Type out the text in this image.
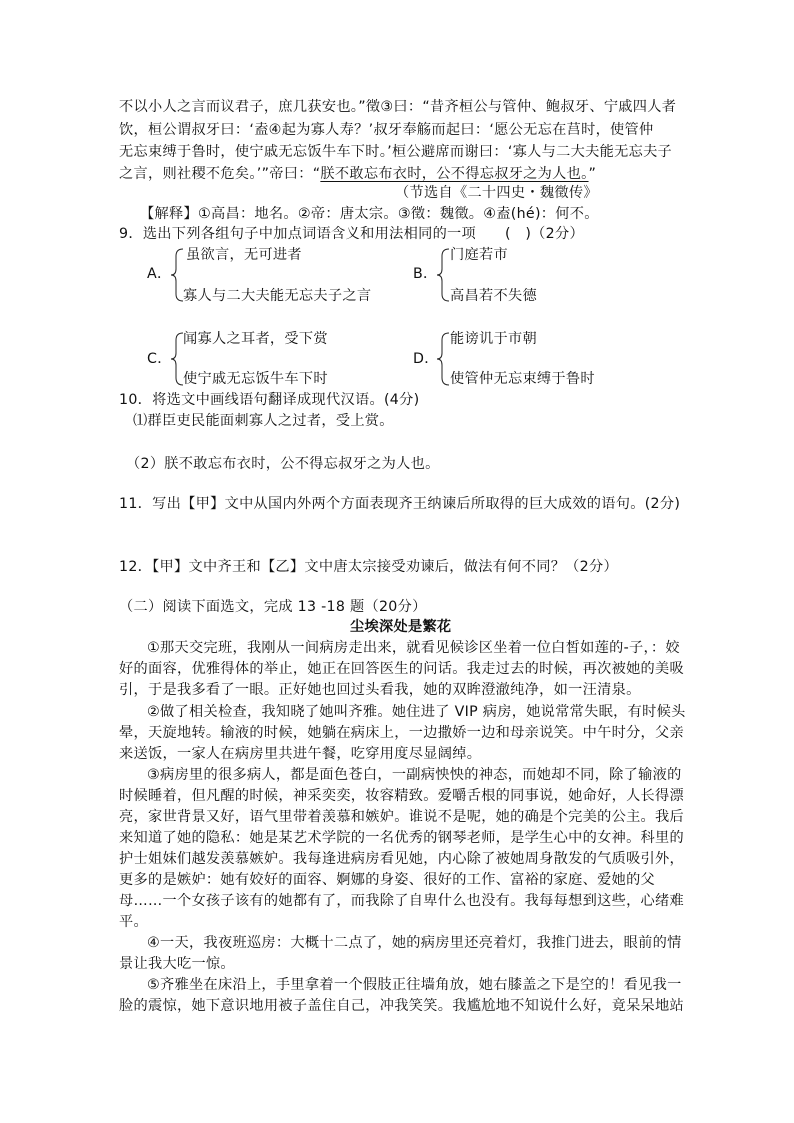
不以小人之言而议君子，庶几获安也。”徵③曰：“昔齐桓公与管仲、鲍叔牙、宁戚四人者
饮，桓公谓叔牙曰：‘盍④起为寡人寿？’叔牙奉觞而起曰：‘愿公无忘在莒时，使管仲
无忘束缚于鲁时，使宁戚无忘饭牛车下时。’桓公避席而谢曰：‘寡人与二大夫能无忘夫子
之言，则社稷不危矣。’”帝曰：“朕不敢忘布衣时，公不得忘叔牙之为人也。”
（节选自《二十四史・魏徵传》
【解释】①高昌：地名。②帝：唐太宗。③徵：魏徵。④盍(hé)：何不。
9．选出下列各组句子中加点词语含义和用法相同的一项　　(　)（2分）
A．
虽欲言，无可进者
寡人与二大夫能无忘夫子之言
B．
门庭若市
高昌若不失德
C．
闻寡人之耳者，受下赏
使宁戚无忘饭牛车下时
D．
能谤讥于市朝
使管仲无忘束缚于鲁时
10．将选文中画线语句翻译成现代汉语。(4分)
⑴群臣吏民能面刺寡人之过者，受上赏。
（2）朕不敢忘布衣时，公不得忘叔牙之为人也。
11．写出【甲】文中从国内外两个方面表现齐王纳谏后所取得的巨大成效的语句。(2分)
12．【甲】文中齐王和【乙】文中唐太宗接受劝谏后，做法有何不同？（2分）
（二）阅读下面选文，完成 13 -18 题（20分）
尘埃深处是繁花
①那天交完班，我刚从一间病房走出来，就看见候诊区坐着一位白皙如莲的-子，：姣
好的面容，优雅得体的举止，她正在回答医生的问话。我走过去的时候，再次被她的美吸
引，于是我多看了一眼。正好她也回过头看我，她的双眸澄澈纯净，如一汪清泉。
②做了相关检查，我知晓了她叫齐雅。她住进了 VIP 病房，她说常常失眠，有时候头
晕，天旋地转。输液的时候，她躺在病床上，一边撒娇一边和母亲说笑。中午时分，父亲
来送饭，一家人在病房里共进午餐，吃穿用度尽显阔绰。
③病房里的很多病人，都是面色苍白，一副病怏怏的神态，而她却不同，除了输液的
时候睡着，但凡醒的时候，神采奕奕，妆容精致。爱嚼舌根的同事说，她命好，人长得漂
亮，家世背景又好，语气里带着羡慕和嫉妒。谁说不是呢，她的确是个完美的公主。我后
来知道了她的隐私：她是某艺术学院的一名优秀的钢琴老师，是学生心中的女神。科里的
护士姐妹们越发羡慕嫉妒。我每逢进病房看见她，内心除了被她周身散发的气质吸引外，
更多的是嫉妒：她有姣好的面容、婀娜的身姿、很好的工作、富裕的家庭、爱她的父
母……一个女孩子该有的她都有了，而我除了自卑什么也没有。我每每想到这些，心绪难
平。
④一天，我夜班巡房：大概十二点了，她的病房里还亮着灯，我推门进去，眼前的情
景让我大吃一惊。
⑤齐雅坐在床沿上，手里拿着一个假肢正往墙角放，她右膝盖之下是空的！看见我一
脸的震惊，她下意识地用被子盖住自己，冲我笑笑。我尴尬地不知说什么好，竟呆呆地站
